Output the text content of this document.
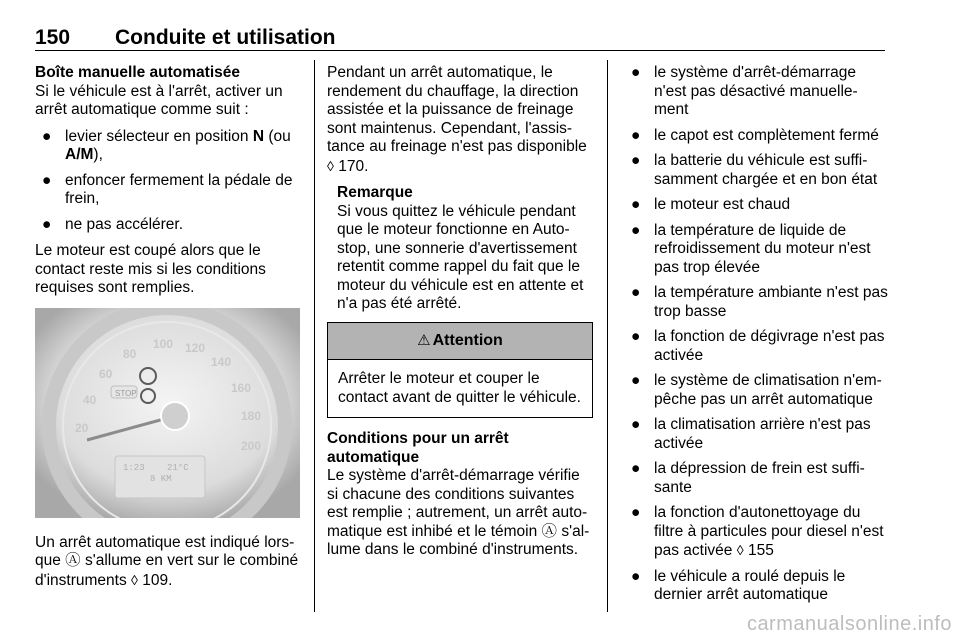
150 Conduite et utilisation
Boîte manuelle automatisée

Si le véhicule est à l'arrêt, activer un arrêt automatique comme suit :

● levier sélecteur en position N (ou A/M),
● enfoncer fermement la pédale de frein,
● ne pas accélérer.

Le moteur est coupé alors que le contact reste mis si les conditions requises sont remplies.

20
40
60
80
100 120
140
160
180
200
STOP
1:23 21°C
8 KM

Un arrêt automatique est indiqué lors- que Ⓐ s'allume en vert sur le combiné d'instruments ◊ 109.

Pendant un arrêt automatique, le rendement du chauffage, la direction assistée et la puissance de freinage sont maintenus. Cependant, l'assis- tance au freinage n'est pas disponible ◊ 170.

Remarque

Si vous quittez le véhicule pendant que le moteur fonctionne en Auto- stop, une sonnerie d'avertissement retentit comme rappel du fait que le moteur du véhicule est en attente et n'a pas été arrêté.

⚠ Attention
Arrêter le moteur et couper le contact avant de quitter le véhicule.
Conditions pour un arrêt automatique

Le système d'arrêt-démarrage vérifie si chacune des conditions suivantes est remplie ; autrement, un arrêt auto- matique est inhibé et le témoin Ⓐ s'al- lume dans le combiné d'instruments.

● le système d'arrêt-démarrage n'est pas désactivé manuelle- ment
● le capot est complètement fermé
● la batterie du véhicule est suffi- samment chargée et en bon état
● le moteur est chaud
● la température de liquide de refroidissement du moteur n'est pas trop élevée
● la température ambiante n'est pas trop basse
● la fonction de dégivrage n'est pas activée
● le système de climatisation n'em- pêche pas un arrêt automatique
● la climatisation arrière n'est pas activée
● la dépression de frein est suffi- sante
● la fonction d'autonettoyage du filtre à particules pour diesel n'est pas activée ◊ 155
● le véhicule a roulé depuis le dernier arrêt automatique
carmanualsonline.info
